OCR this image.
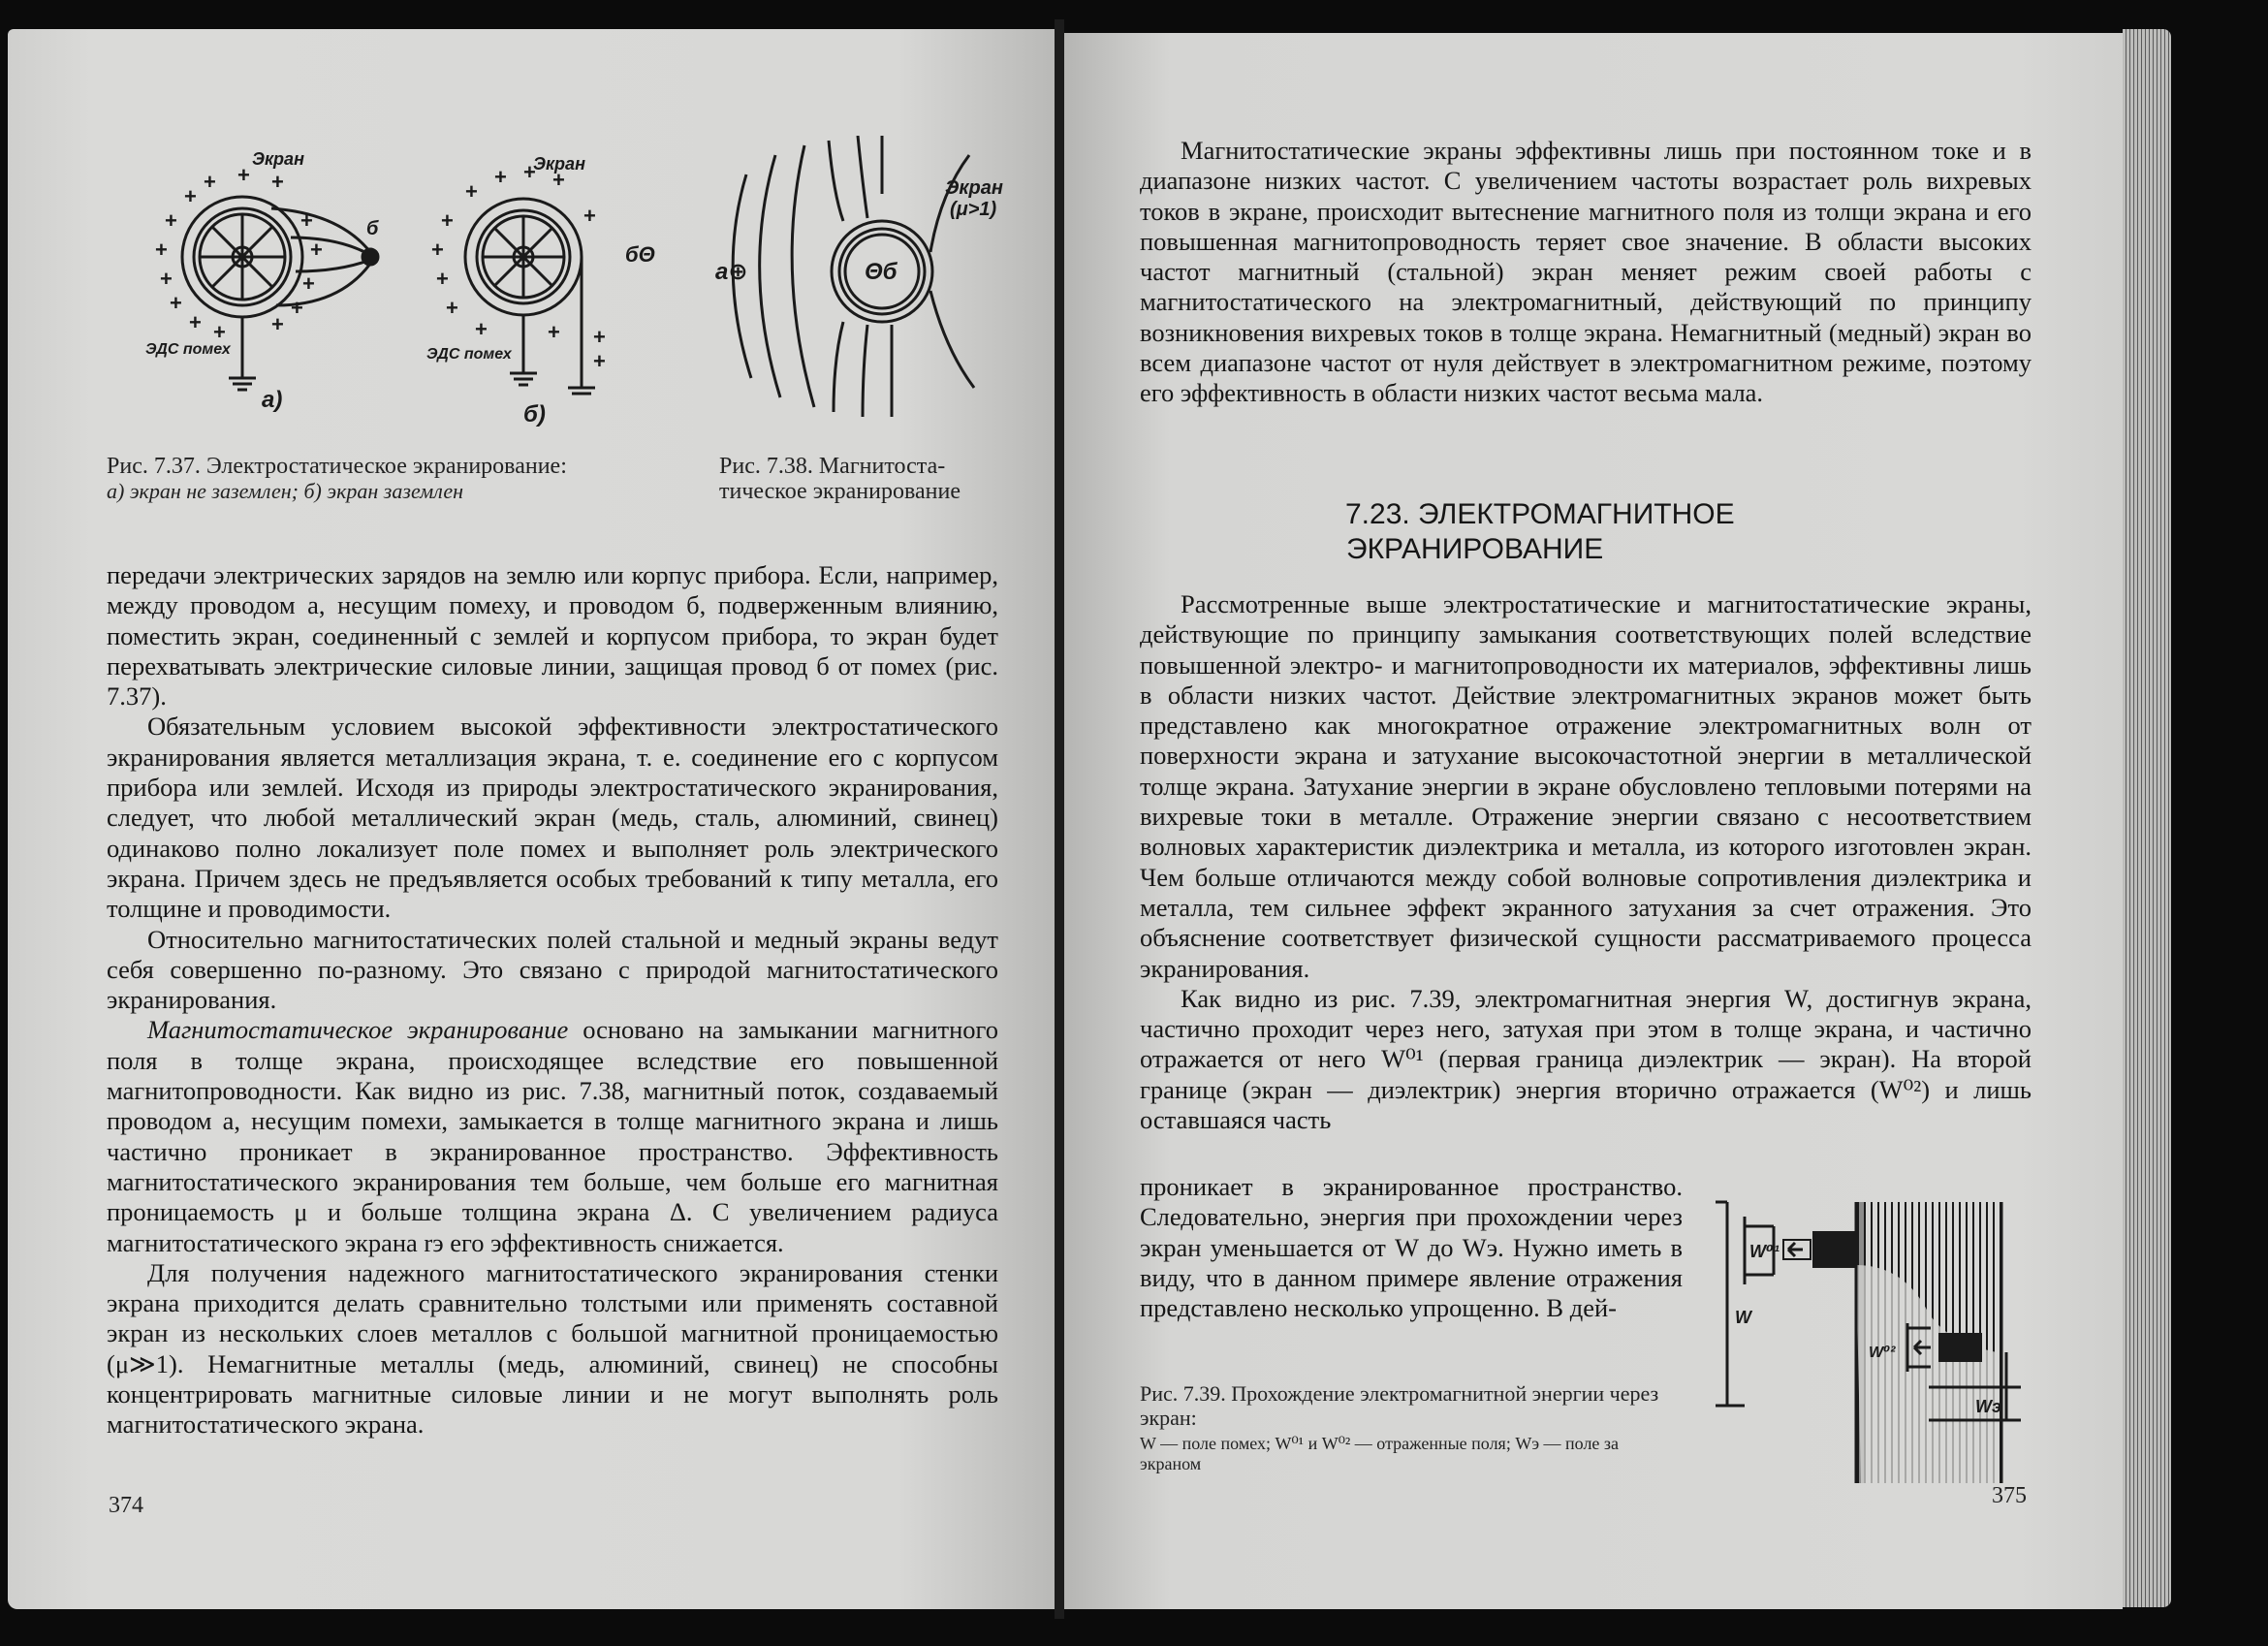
+
+ + +
+
+
+
+
+ + +
+
+
+
+
Экран
б
ЭДС помех
а)
+
+ + +
+
+
+
+
+	+
+
+
+
Экран
бΘ
ЭДС помех
б)
Экран
(μ>1)
а⊕	Θб
Рис. 7.37. Электростатическое экранирование:
а) экран не заземлен; б) экран заземлен
Рис. 7.38. Магнитоста-
тическое экранирование

передачи электрических зарядов на землю или корпус прибора. Если, например, между проводом а, несущим помеху, и проводом б, подверженным влиянию, поместить экран, соединенный с землей и корпусом прибора, то экран будет перехватывать электрические силовые линии, защищая провод б от помех (рис. 7.37).

Обязательным условием высокой эффективности электростатического экранирования является металлизация экрана, т. е. соединение его с корпусом прибора или землей. Исходя из природы электростатического экранирования, следует, что любой металлический экран (медь, сталь, алюминий, свинец) одинаково полно локализует поле помех и выполняет роль электрического экрана. Причем здесь не предъявляется особых требований к типу металла, его толщине и проводимости.

Относительно магнитостатических полей стальной и медный экраны ведут себя совершенно по-разному. Это связано с природой магнитостатического экранирования.

Магнитостатическое экранирование основано на замыкании магнитного поля в толще экрана, происходящее вследствие его повышенной магнитопроводности. Как видно из рис. 7.38, магнитный поток, создаваемый проводом а, несущим помехи, замыкается в толще магнитного экрана и лишь частично проникает в экранированное пространство. Эффективность магнитостатического экранирования тем больше, чем больше его магнитная проницаемость μ и больше толщина экрана Δ. С увеличением радиуса магнитостатического экрана rэ его эффективность снижается.

Для получения надежного магнитостатического экранирования стенки экрана приходится делать сравнительно толстыми или применять составной экран из нескольких слоев металлов с большой магнитной проницаемостью (μ≫1). Немагнитные металлы (медь, алюминий, свинец) не способны концентрировать магнитные силовые линии и не могут выполнять роль магнитостатического экрана.

374

Магнитостатические экраны эффективны лишь при постоянном токе и в диапазоне низких частот. С увеличением частоты возрастает роль вихревых токов в экране, происходит вытеснение магнитного поля из толщи экрана и его повышенная магнитопроводность теряет свое значение. В области высоких частот магнитный (стальной) экран меняет режим своей работы с магнитостатического на электромагнитный, действующий по принципу возникновения вихревых токов в толще экрана. Немагнитный (медный) экран во всем диапазоне частот от нуля действует в электромагнитном режиме, поэтому его эффективность в области низких частот весьма мала.

7.23. ЭЛЕКТРОМАГНИТНОЕ
ЭКРАНИРОВАНИЕ

Рассмотренные выше электростатические и магнитостатические экраны, действующие по принципу замыкания соответствующих полей вследствие повышенной электро- и магнитопроводности их материалов, эффективны лишь в области низких частот. Действие электромагнитных экранов может быть представлено как многократное отражение электромагнитных волн от поверхности экрана и затухание высокочастотной энергии в металлической толще экрана. Затухание энергии в экране обусловлено тепловыми потерями на вихревые токи в металле. Отражение энергии связано с несоответствием волновых характеристик диэлектрика и металла, из которого изготовлен экран. Чем больше отличаются между собой волновые сопротивления диэлектрика и металла, тем сильнее эффект экранного затухания за счет отражения. Это объяснение соответствует физической сущности рассматриваемого процесса экранирования.

Как видно из рис. 7.39, электромагнитная энергия W, достигнув экрана, частично проходит через него, затухая при этом в толще экрана, и частично отражается от него W⁰¹ (первая граница диэлектрик — экран). На второй границе (экран — диэлектрик) энергия вторично отражается (W⁰²) и лишь оставшаяся часть

проникает в экранированное пространство. Следовательно, энергия при прохождении через экран уменьшается от W до Wэ. Нужно иметь в виду, что в данном примере явление отражения представлено несколько упрощенно. В дей-

W⁰¹
W
W⁰²
Wэ
Рис. 7.39. Прохождение электромагнитной энергии через экран:
W — поле помех; W⁰¹ и W⁰² — отраженные поля; Wэ — поле за экраном
375
